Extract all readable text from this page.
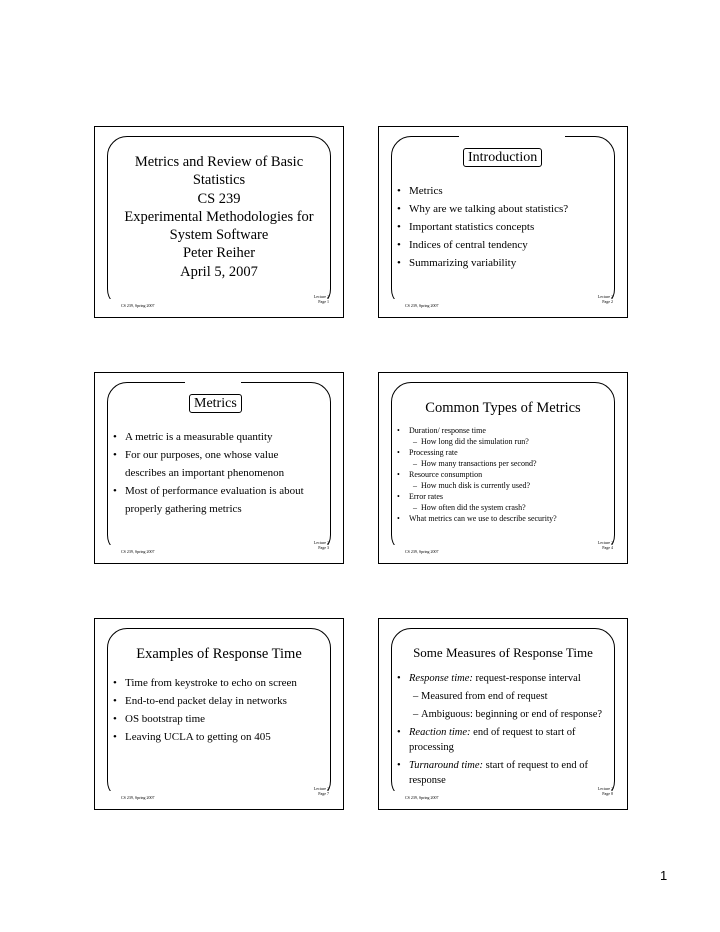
Metrics and Review of Basic
Statistics
CS 239
Experimental Methodologies for
System Software
Peter Reiher
April 5, 2007
Lecture 2
Page 1
CS 239, Spring 2007
Introduction
• Metrics
• Why are we talking about statistics?
• Important statistics concepts
• Indices of central tendency
• Summarizing variability
Lecture 2
Page 2
CS 239, Spring 2007
Metrics
• A metric is a measurable quantity
• For our purposes, one whose value describes an important phenomenon
• Most of performance evaluation is about properly gathering metrics
Lecture 2
Page 3
CS 239, Spring 2007
Common Types of Metrics
• Duration/ response time
– How long did the simulation run?
• Processing rate
– How many transactions per second?
• Resource consumption
– How much disk is currently used?
• Error rates
– How often did the system crash?
• What metrics can we use to describe security?
Lecture 2
Page 4
CS 239, Spring 2007
Examples of Response Time
• Time from keystroke to echo on screen
• End-to-end packet delay in networks
• OS bootstrap time
• Leaving UCLA to getting on 405
Lecture 2
Page 7
CS 239, Spring 2007
Some Measures of Response Time
• Response time: request-response interval
– Measured from end of request
– Ambiguous: beginning or end of response?
• Reaction time: end of request to start of processing
• Turnaround time: start of request to end of response
Lecture 2
Page 8
CS 239, Spring 2007
1
